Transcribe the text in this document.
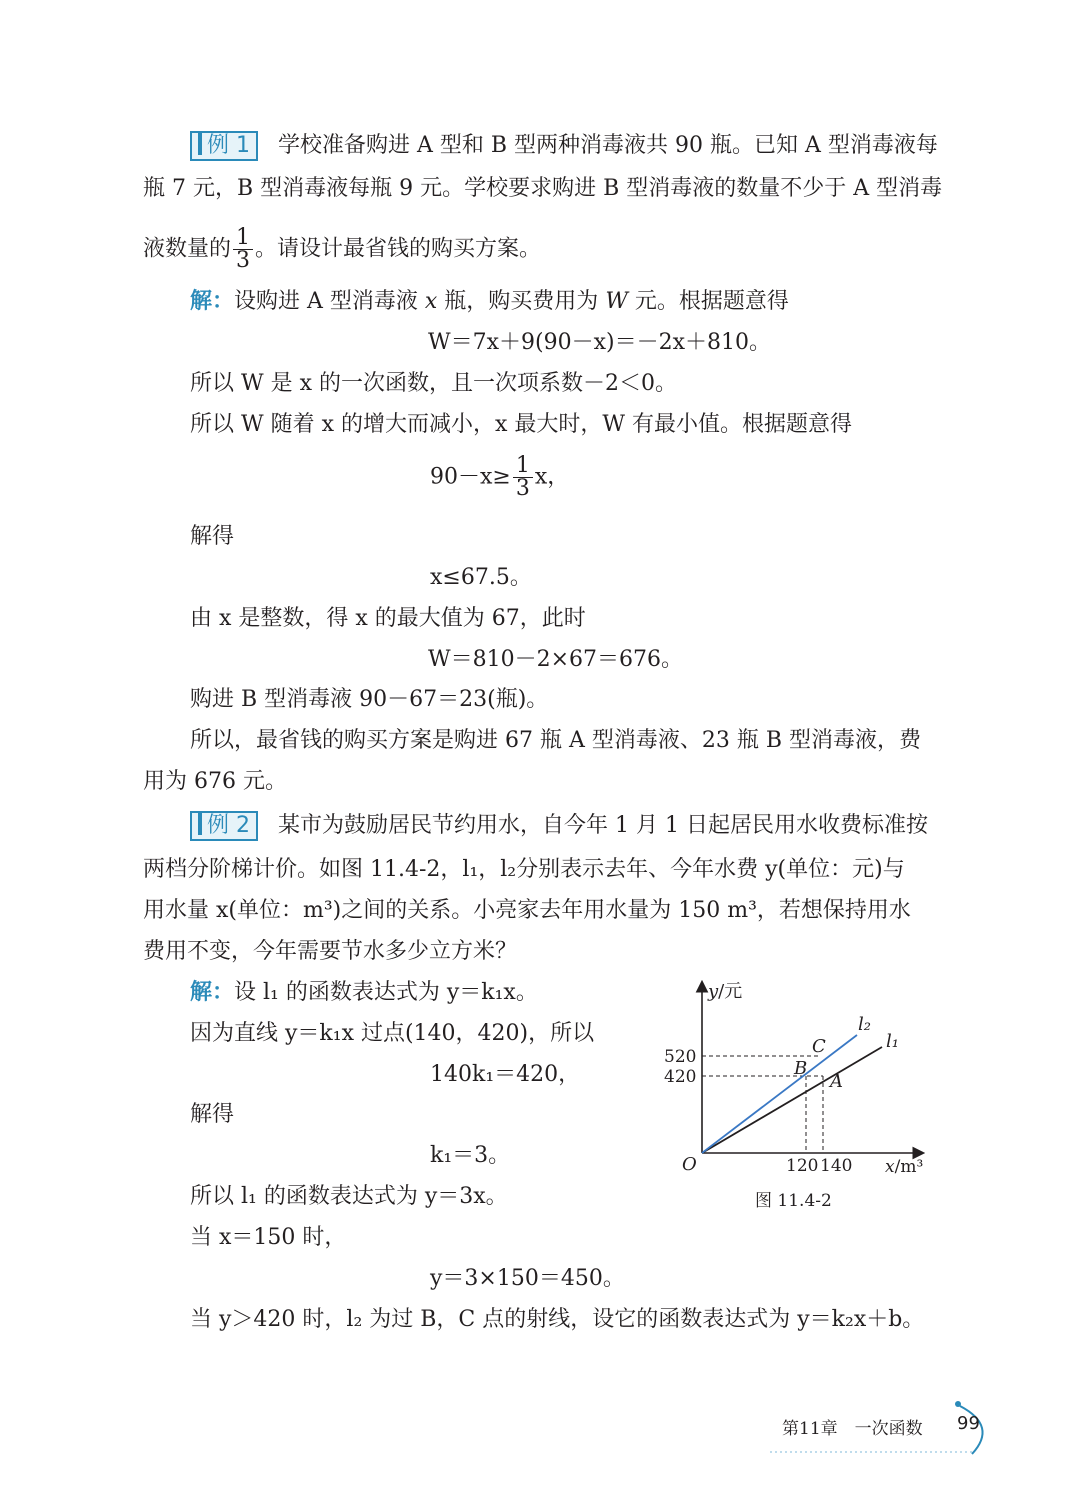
例 1 学校准备购进 A 型和 B 型两种消毒液共 90 瓶。已知 A 型消毒液每
瓶 7 元，B 型消毒液每瓶 9 元。学校要求购进 B 型消毒液的数量不少于 A 型消毒
液数量的 $\frac{1}{3}$ 。请设计最省钱的购买方案。
解：设购进 A 型消毒液 x 瓶，购买费用为 W 元。根据题意得
W＝7x＋9(90－x)＝－2x＋810。
所以 W 是 x 的一次函数，且一次项系数－2＜0。
所以 W 随着 x 的增大而减小，x 最大时，W 有最小值。根据题意得
$90-x\ge \frac{1}{3}$ x，
解得
x≤67.5。
由 x 是整数，得 x 的最大值为 67，此时
W＝810－2×67＝676。
购进 B 型消毒液 90－67＝23(瓶)。
所以，最省钱的购买方案是购进 67 瓶 A 型消毒液、23 瓶 B 型消毒液，费
用为 676 元。
例 2 某市为鼓励居民节约用水，自今年 1 月 1 日起居民用水收费标准按
两档分阶梯计价。如图 11.4-2，l₁，l₂分别表示去年、今年水费 y(单位：元)与
用水量 x(单位：m³)之间的关系。小亮家去年用水量为 150 m³，若想保持用水
费用不变，今年需要节水多少立方米？
解：设 l₁ 的函数表达式为 y＝k₁x。
因为直线 y＝k₁x 过点(140，420)，所以
140k₁＝420，
解得
k₁＝3。
所以 l₁ 的函数表达式为 y＝3x。
当 x＝150 时，
y＝3×150＝450。
当 y＞420 时，l₂ 为过 B，C 点的射线，设它的函数表达式为 y＝k₂x＋b。
y/元
x/m³
O
520
420
120 140
C
B
A
l₂
l₁
图 11.4-2
第11章　一次函数 99
